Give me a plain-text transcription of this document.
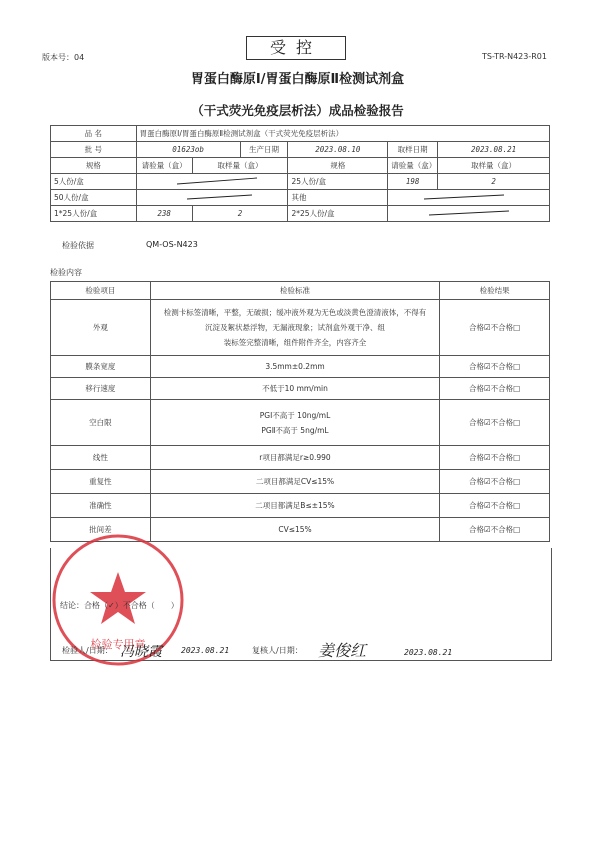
版本号：04	TS-TR-N423-R01
受控
胃蛋白酶原Ⅰ/胃蛋白酶原Ⅱ检测试剂盒
（干式荧光免疫层析法）成品检验报告
品 名	胃蛋白酶原Ⅰ/胃蛋白酶原Ⅱ检测试剂盒（干式荧光免疫层析法）					
批 号	01623ob		生产日期	2023.08.10	取样日期	2023.08.21
规格	请验量（盒）	取样量（盒）		规格	请验量（盒）	取样量（盒）
5人份/盒				25人份/盒	198	2
50人份/盒				其他	
1*25人份/盒	238	2		2*25人份/盒	
检验依据	QM-OS-N423
检验内容
检验项目	检验标准	检验结果
外观	检测卡标签清晰，平整，无破损；缓冲液外观为无色或淡黄色澄清液体，不得有
沉淀及絮状悬浮物，无漏液现象；试剂盒外观干净、组
装标签完整清晰，组件附件齐全，内容齐全	合格☑不合格□
膜条宽度	3.5mm±0.2mm	合格☑不合格□
移行速度	不低于10 mm/min	合格☑不合格□
空白限	PGⅠ不高于 10ng/mL
PGⅡ不高于 5ng/mL	合格☑不合格□
线性	r项目都满足r≥0.990	合格☑不合格□
重复性	二项目都满足CV≤15%	合格☑不合格□
准确性	二项目都满足B≤±15%	合格☑不合格□
批间差	CV≤15%	合格☑不合格□
检验专用章
结论：合格（✓）不合格（　　）
检验人/日期： 冯晓霞 2023.08.21	复核人/日期： 姜俊红	2023.08.21
